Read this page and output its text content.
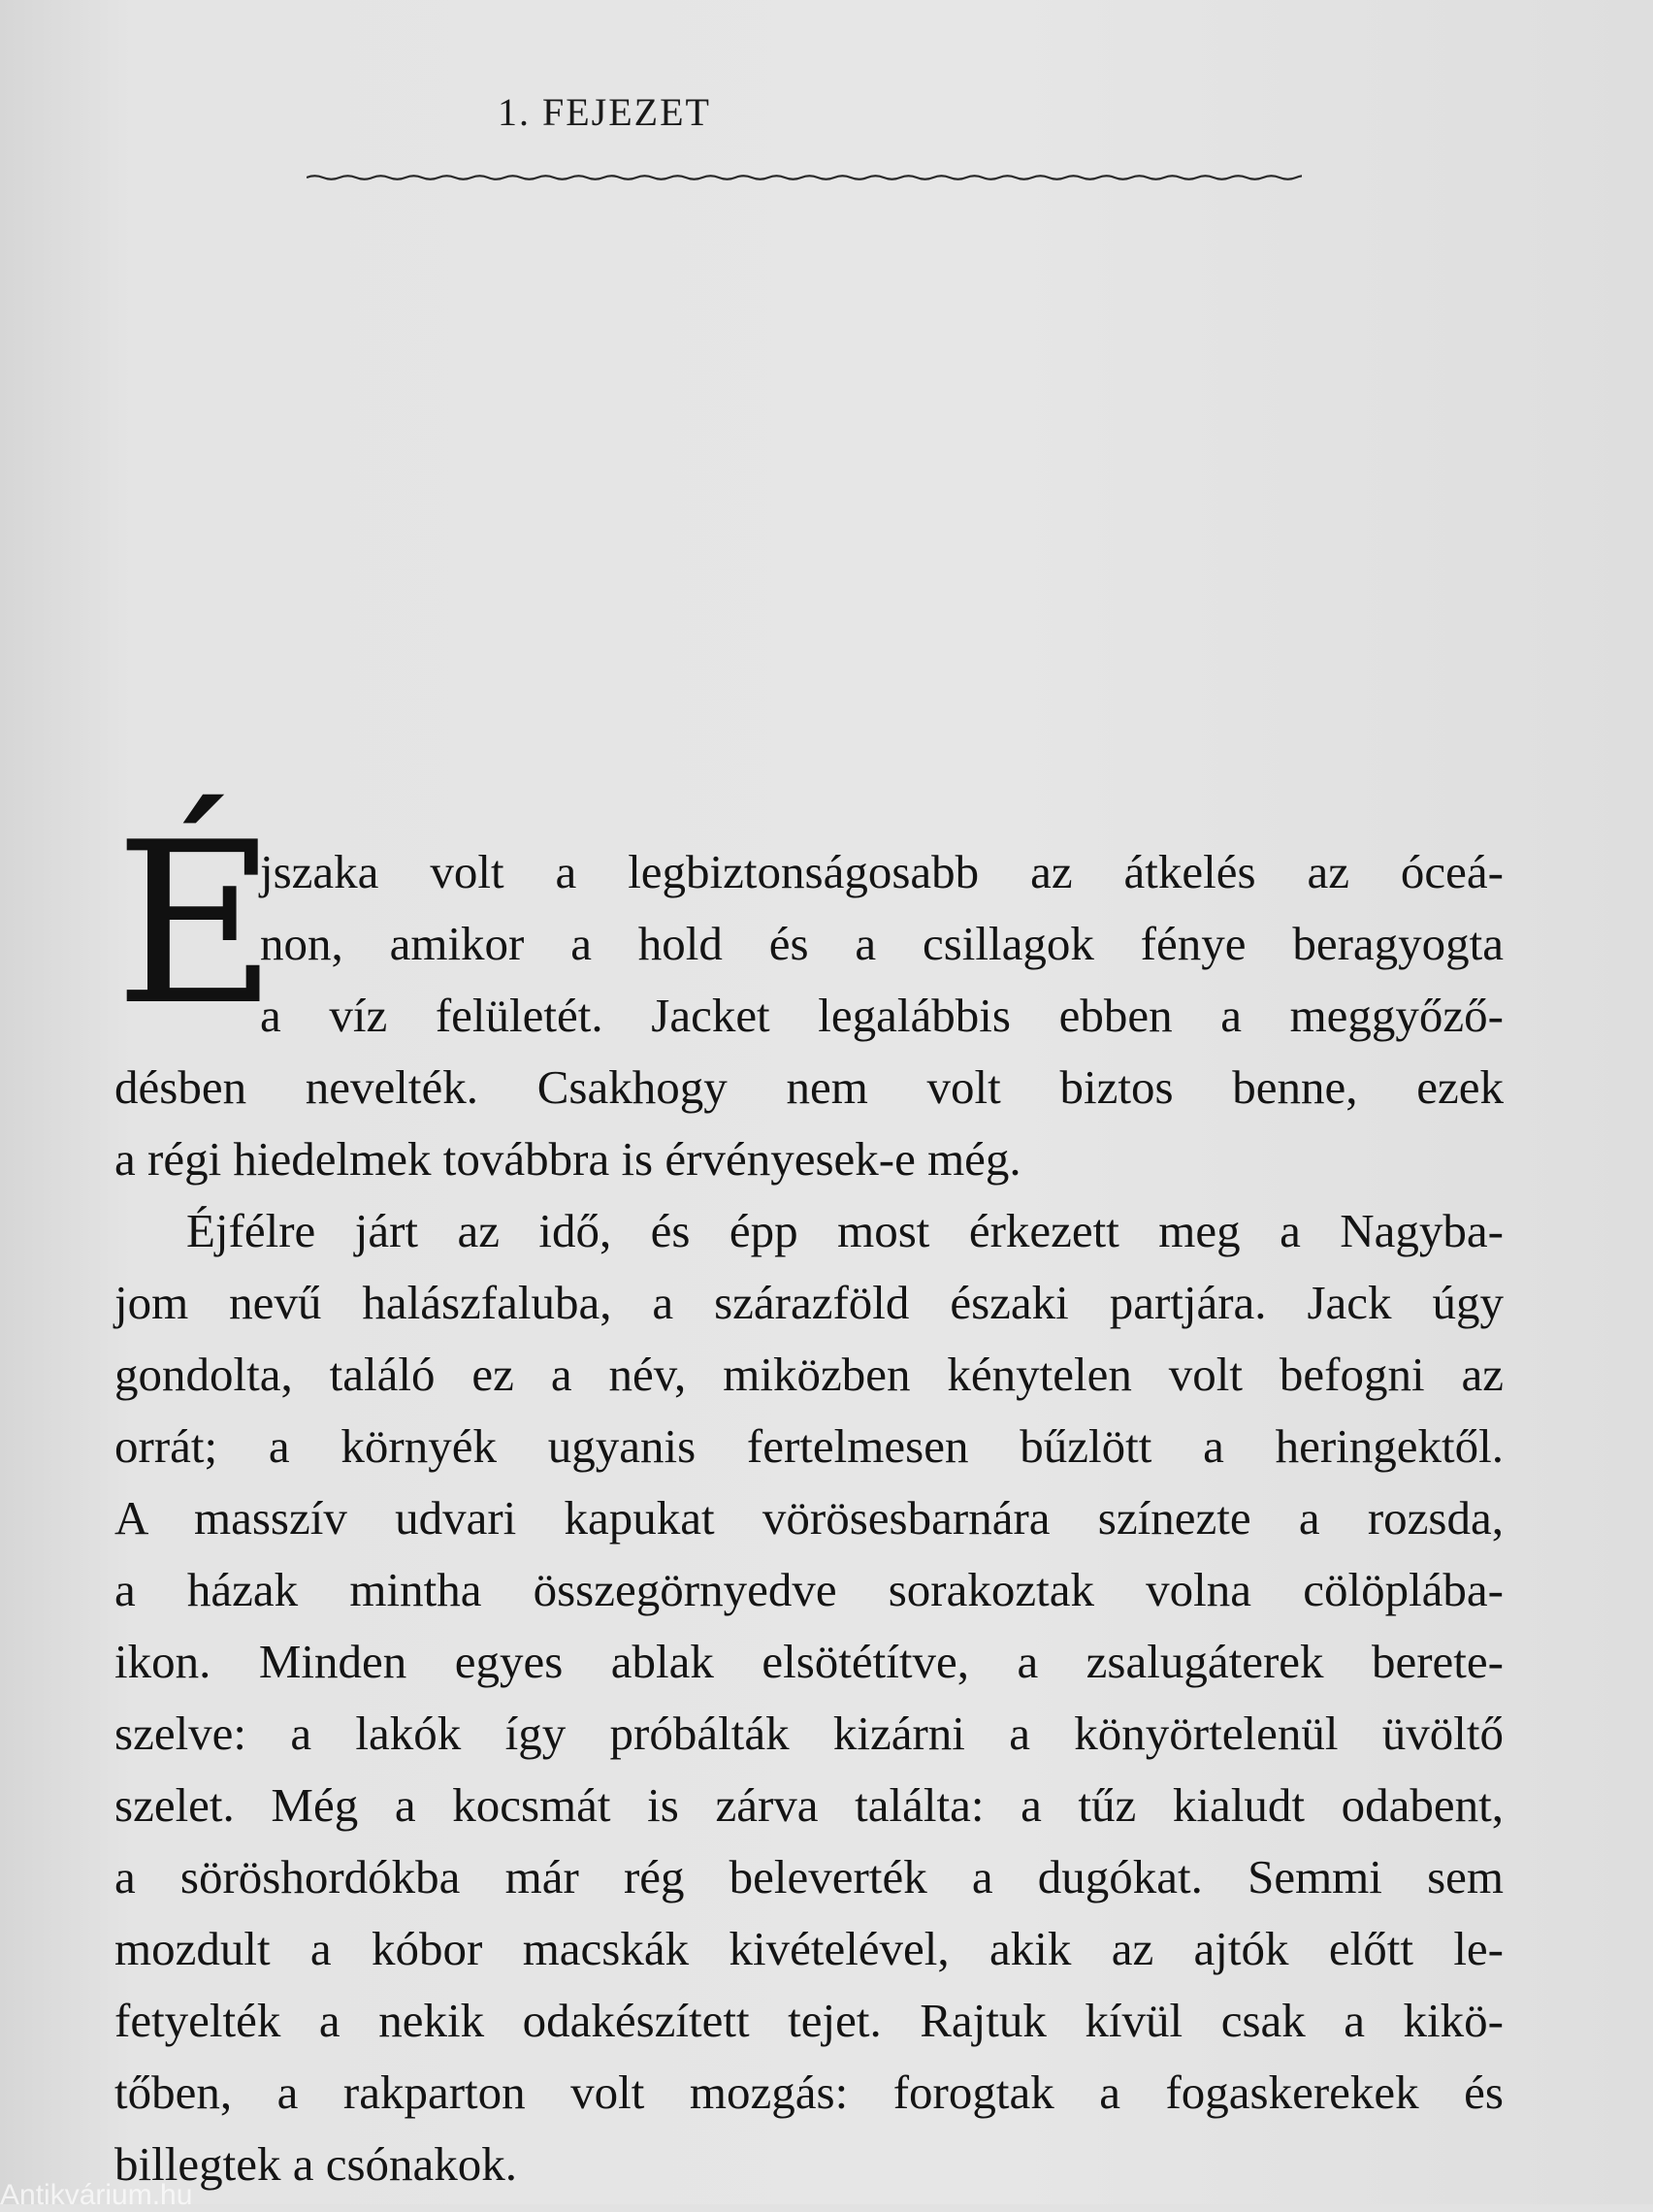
1. FEJEZET
É
jszaka volt a legbiztonságosabb az átkelés az óceá-
non, amikor a hold és a csillagok fénye beragyogta
a víz felületét. Jacket legalábbis ebben a meggyőző-
désben nevelték. Csakhogy nem volt biztos benne, ezek
a régi hiedelmek továbbra is érvényesek-e még.
Éjfélre járt az idő, és épp most érkezett meg a Nagyba-
jom nevű halászfaluba, a szárazföld északi partjára. Jack úgy
gondolta, találó ez a név, miközben kénytelen volt befogni az
orrát; a környék ugyanis fertelmesen bűzlött a heringektől.
A masszív udvari kapukat vörösesbarnára színezte a rozsda,
a házak mintha összegörnyedve sorakoztak volna cölöplába-
ikon. Minden egyes ablak elsötétítve, a zsalugáterek berete-
szelve: a lakók így próbálták kizárni a könyörtelenül üvöltő
szelet. Még a kocsmát is zárva találta: a tűz kialudt odabent,
a söröshordókba már rég beleverték a dugókat. Semmi sem
mozdult a kóbor macskák kivételével, akik az ajtók előtt le-
fetyelték a nekik odakészített tejet. Rajtuk kívül csak a kikö-
tőben, a rakparton volt mozgás: forogtak a fogaskerekek és
billegtek a csónakok.
Antikvárium.hu
